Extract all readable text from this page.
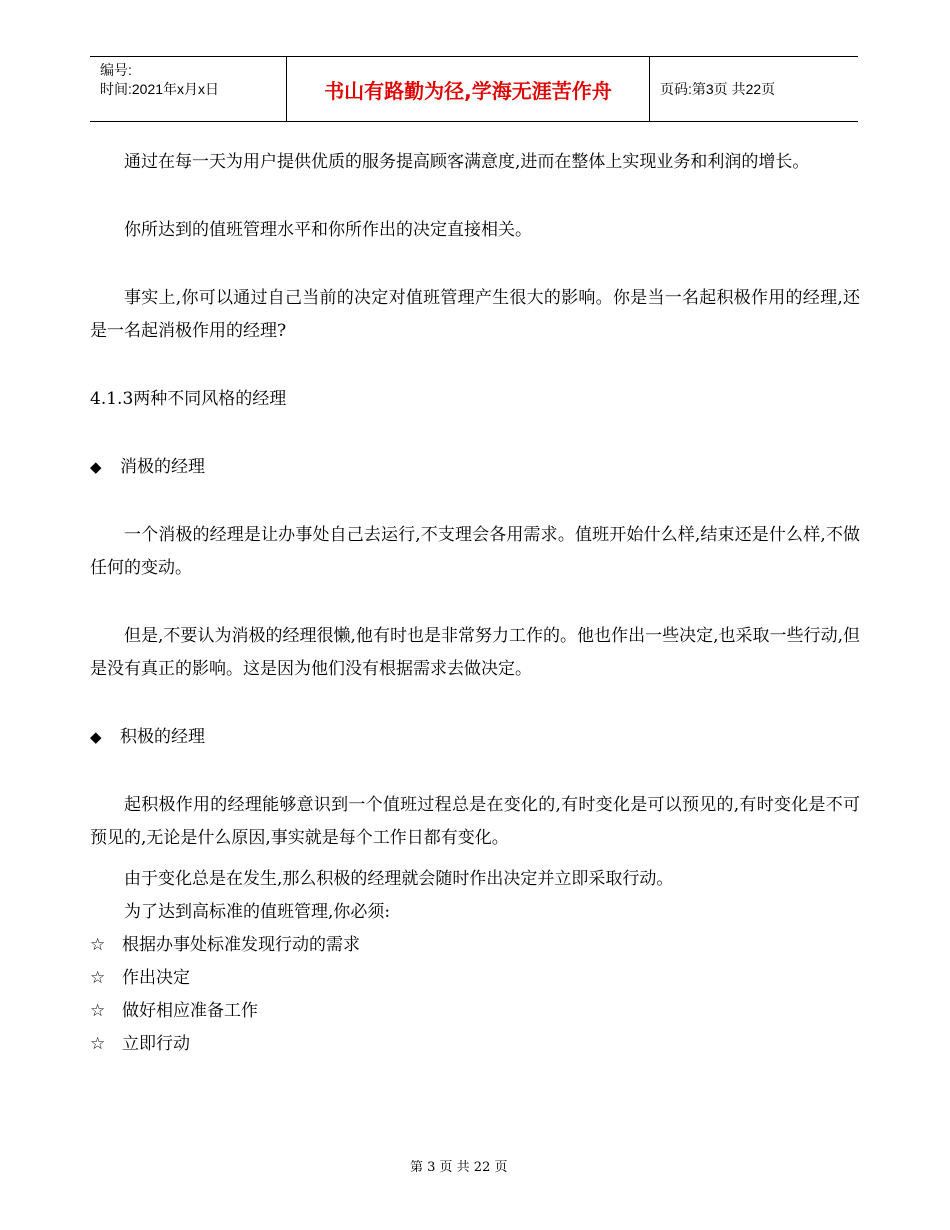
编号:
时间:2021年x月x日	书山有路勤为径,学海无涯苦作舟	页码:第3页 共22页

通过在每一天为用户提供优质的服务提高顾客满意度,进而在整体上实现业务和利润的增长。

你所达到的值班管理水平和你所作出的决定直接相关。

事实上,你可以通过自己当前的决定对值班管理产生很大的影响。你是当一名起积极作用的经理,还是一名起消极作用的经理?

4.1.3两种不同风格的经理

◆	消极的经理

一个消极的经理是让办事处自己去运行,不支理会各用需求。值班开始什么样,结束还是什么样,不做任何的变动。

但是,不要认为消极的经理很懒,他有时也是非常努力工作的。他也作出一些决定,也采取一些行动,但是没有真正的影响。这是因为他们没有根据需求去做决定。

◆	积极的经理

起积极作用的经理能够意识到一个值班过程总是在变化的,有时变化是可以预见的,有时变化是不可预见的,无论是什么原因,事实就是每个工作日都有变化。

由于变化总是在发生,那么积极的经理就会随时作出决定并立即采取行动。

为了达到高标准的值班管理,你必须:

☆ 根据办事处标准发现行动的需求
☆ 作出决定
☆ 做好相应准备工作
☆ 立即行动
第 3 页 共 22 页
